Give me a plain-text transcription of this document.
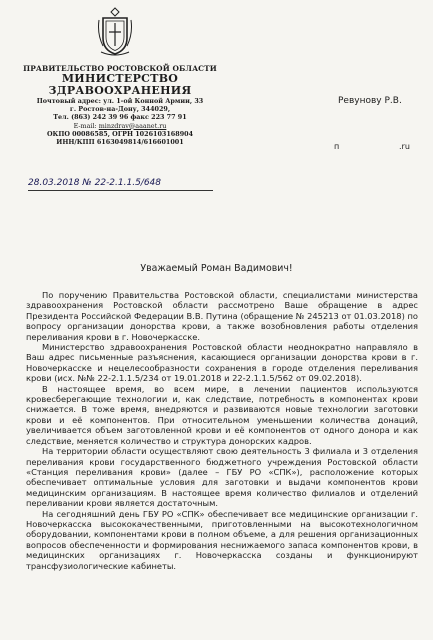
ПРАВИТЕЛЬСТВО РОСТОВСКОЙ ОБЛАСТИ
МИНИСТЕРСТВО
ЗДРАВООХРАНЕНИЯ
Почтовый адрес: ул. 1-ой Конной Армии, 33
г. Ростов-на-Дону, 344029,
Тел. (863) 242 39 96 факс 223 77 91
E-mail: minzdrav@aaanet.ru
ОКПО 00086585, ОГРН 1026103168904
ИНН/КПП 6163049814/616601001
28.03.2018 № 22-2.1.1.5/648
Ревунову Р.В.
п	.ru
Уважаемый Роман Вадимович!

По поручению Правительства Ростовской области, специалистами министерства здравоохранения Ростовской области рассмотрено Ваше обращение в адрес Президента Российской Федерации В.В. Путина (обращение № 245213 от 01.03.2018) по вопросу организации донорства крови, а также возобновления работы отделения переливания крови в г. Новочеркасске.

Министерство здравоохранения Ростовской области неоднократно направляло в Ваш адрес письменные разъяснения, касающиеся организации донорства крови в г. Новочеркасске и нецелесообразности сохранения в городе отделения переливания крови (исх. №№ 22-2.1.1.5/234 от 19.01.2018 и 22-2.1.1.5/562 от 09.02.2018).

В настоящее время, во всем мире, в лечении пациентов используются кровесберегающие технологии и, как следствие, потребность в компонентах крови снижается. В тоже время, внедряются и развиваются новые технологии заготовки крови и её компонентов. При относительном уменьшении количества донаций, увеличивается объем заготовленной крови и её компонентов от одного донора и как следствие, меняется количество и структура донорских кадров.

На территории области осуществляют свою деятельность 3 филиала и 3 отделения переливания крови государственного бюджетного учреждения Ростовской области «Станция переливания крови» (далее – ГБУ РО «СПК»), расположение которых обеспечивает оптимальные условия для заготовки и выдачи компонентов крови медицинским организациям. В настоящее время количество филиалов и отделений переливании крови является достаточным.

На сегодняшний день ГБУ РО «СПК» обеспечивает все медицинские организации г. Новочеркасска высококачественными, приготовленными на высокотехнологичном оборудовании, компонентами крови в полном объеме, а для решения организационных вопросов обеспеченности и формирования неснижаемого запаса компонентов крови, в медицинских организациях г. Новочеркасска созданы и функционируют трансфузиологические кабинеты.
